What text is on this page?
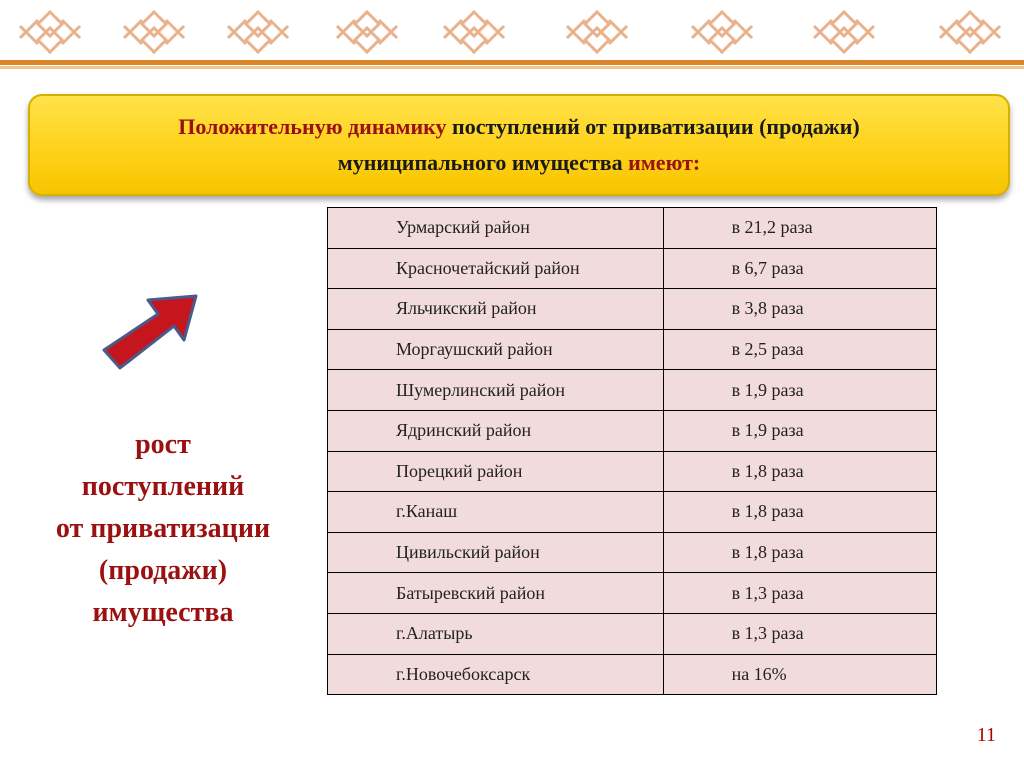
Положительную динамику поступлений от приватизации (продажи)
муниципального имущества имеют:

рост
поступлений
от приватизации
(продажи)
имущества

Урмарский район	в 21,2 раза
Красночетайский район	в 6,7 раза
Яльчикский район	в 3,8 раза
Моргаушский район	в 2,5 раза
Шумерлинский район	в 1,9 раза
Ядринский район	в 1,9 раза
Порецкий район	в 1,8 раза
г.Канаш	в 1,8 раза
Цивильский район	в 1,8 раза
Батыревский район	в 1,3 раза
г.Алатырь	в 1,3 раза
г.Новочебоксарск	на 16%

11
